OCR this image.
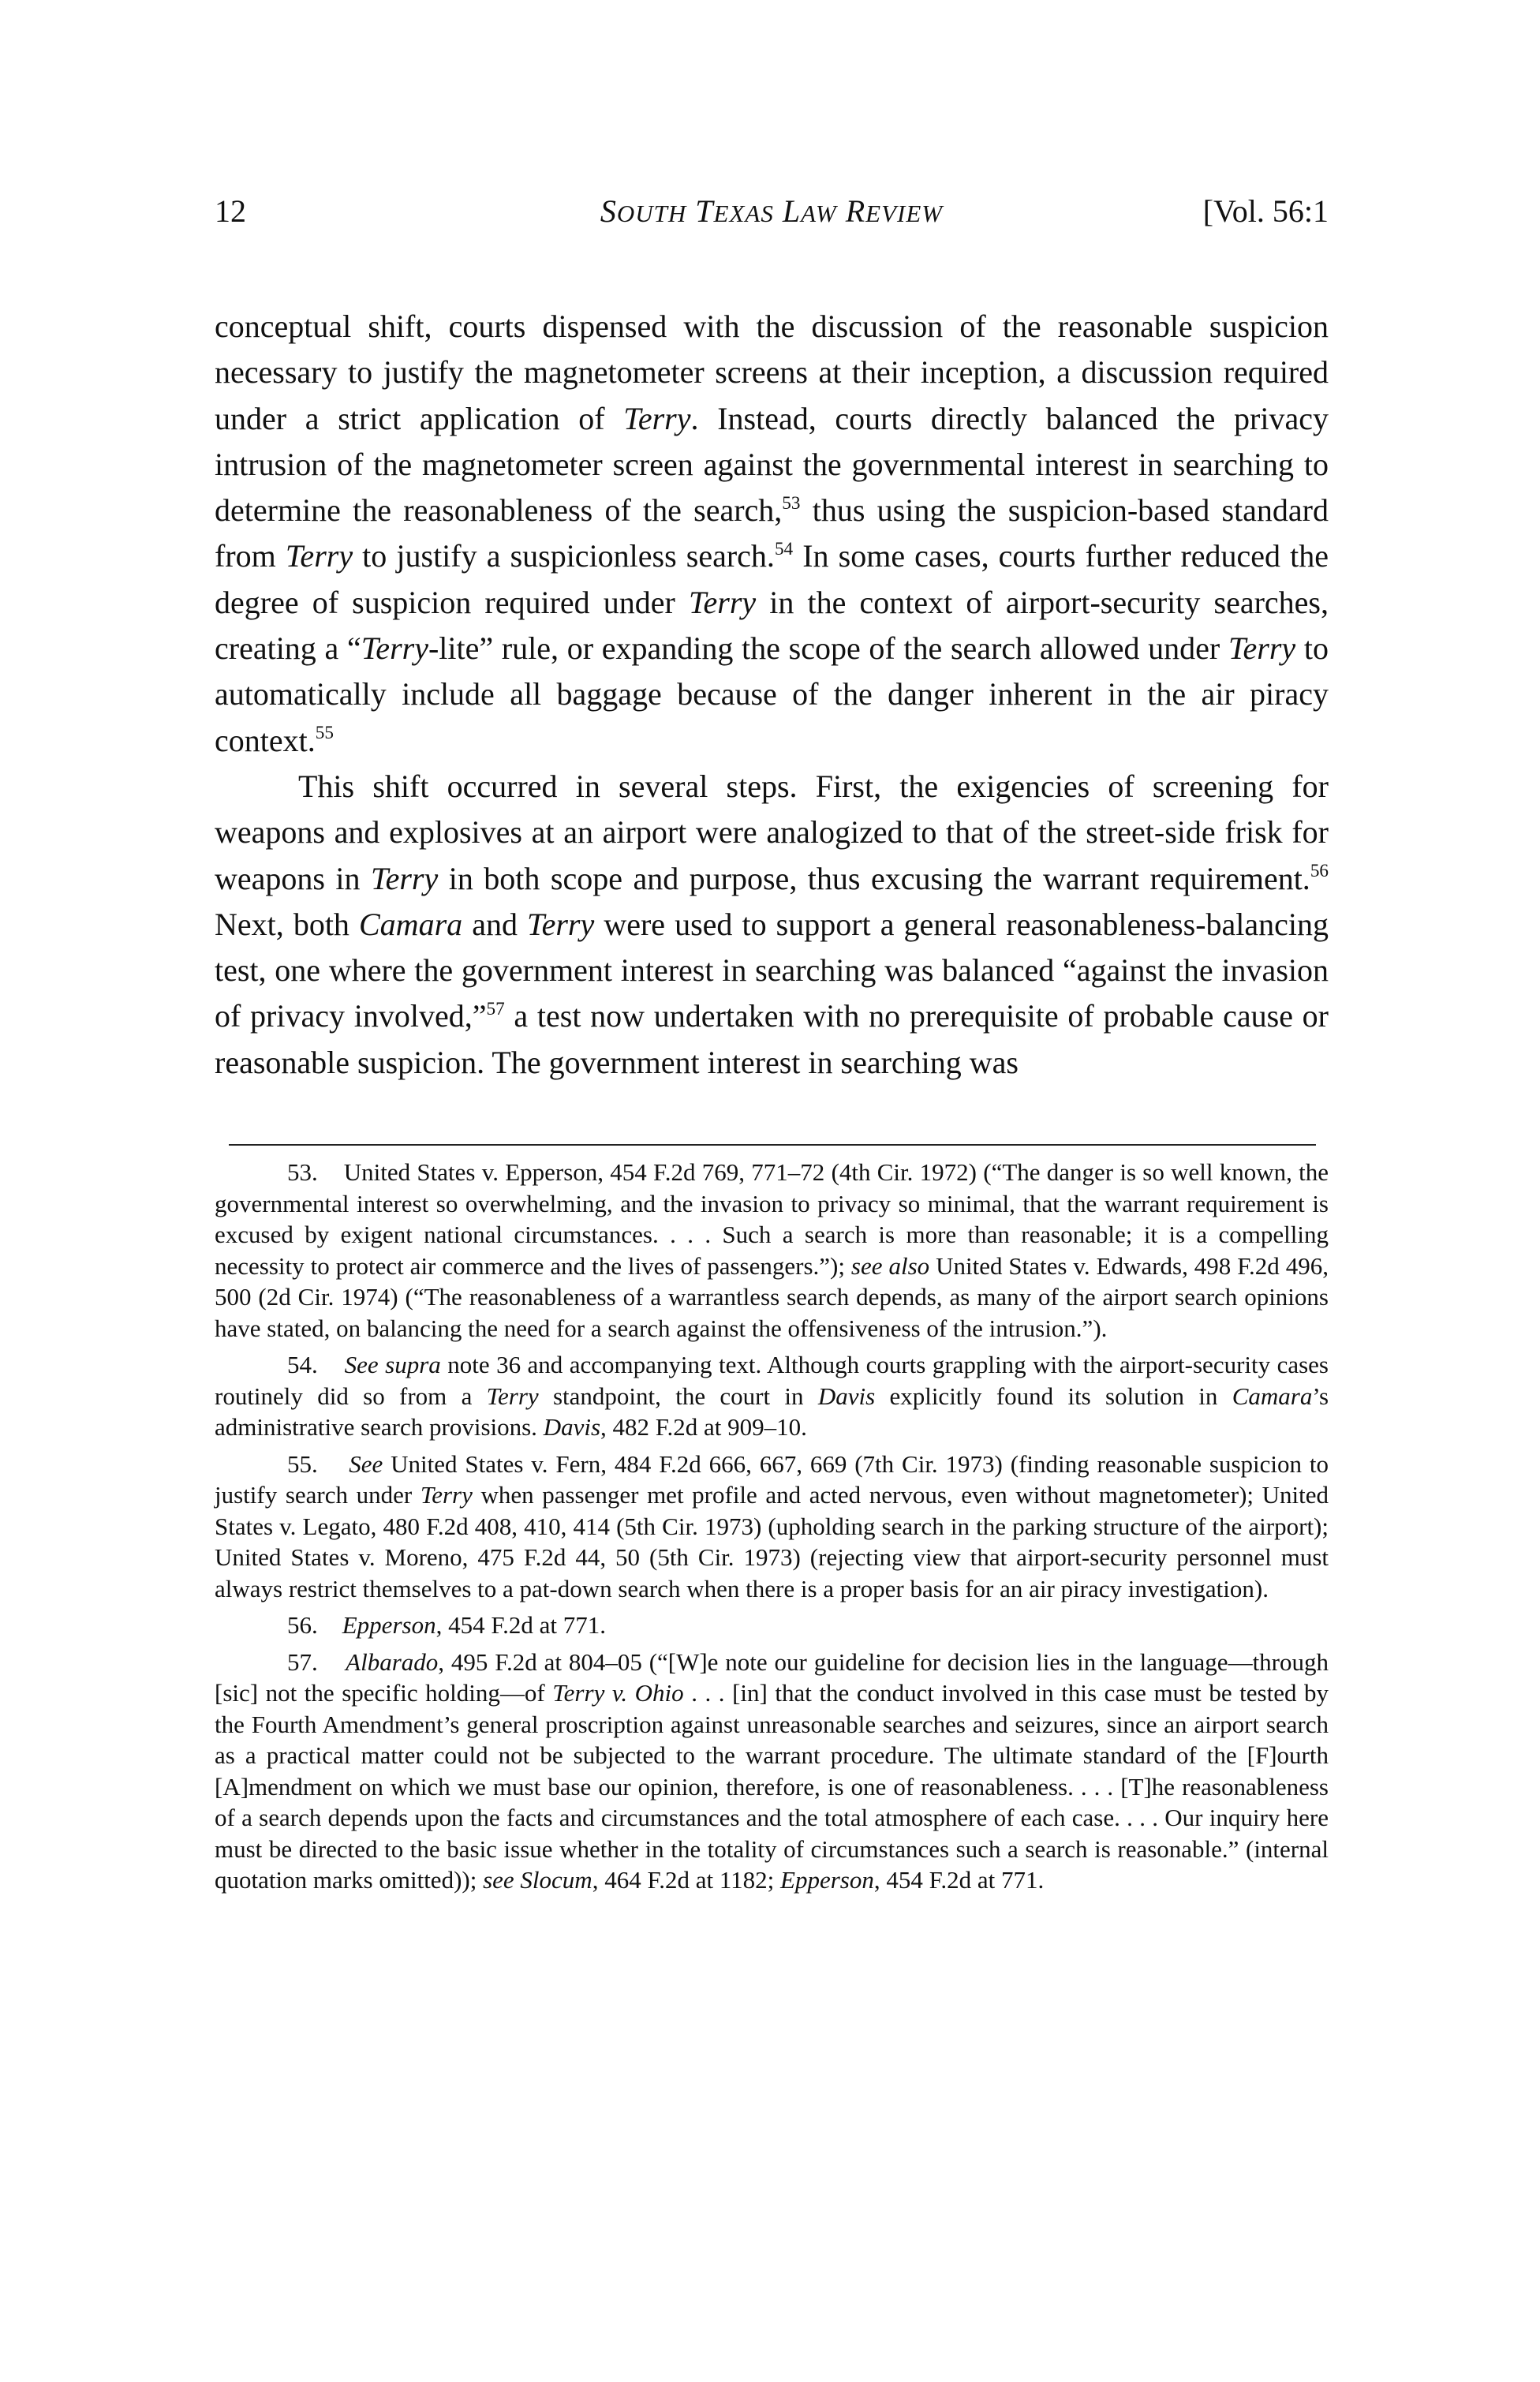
12	SOUTH TEXAS LAW REVIEW	[Vol. 56:1

conceptual shift, courts dispensed with the discussion of the reasonable suspicion necessary to justify the magnetometer screens at their inception, a discussion required under a strict application of Terry. Instead, courts directly balanced the privacy intrusion of the magnetometer screen against the governmental interest in searching to determine the reasonableness of the search,$^{53}$ thus using the suspicion-based standard from Terry to justify a suspicionless search.$^{54}$ In some cases, courts further reduced the degree of suspicion required under Terry in the context of airport-security searches, creating a “Terry-lite” rule, or expanding the scope of the search allowed under Terry to automatically include all baggage because of the danger inherent in the air piracy context.$^{55}$

This shift occurred in several steps. First, the exigencies of screening for weapons and explosives at an airport were analogized to that of the street-side frisk for weapons in Terry in both scope and purpose, thus excusing the warrant requirement.$^{56}$ Next, both Camara and Terry were used to support a general reasonableness-balancing test, one where the government interest in searching was balanced “against the invasion of privacy involved,”$^{57}$ a test now undertaken with no prerequisite of probable cause or reasonable suspicion. The government interest in searching was

53. United States v. Epperson, 454 F.2d 769, 771–72 (4th Cir. 1972) (“The danger is so well known, the governmental interest so overwhelming, and the invasion to privacy so minimal, that the warrant requirement is excused by exigent national circumstances. . . . Such a search is more than reasonable; it is a compelling necessity to protect air commerce and the lives of passengers.”); see also United States v. Edwards, 498 F.2d 496, 500 (2d Cir. 1974) (“The reasonableness of a warrantless search depends, as many of the airport search opinions have stated, on balancing the need for a search against the offensiveness of the intrusion.”).

54. See supra note 36 and accompanying text. Although courts grappling with the airport-security cases routinely did so from a Terry standpoint, the court in Davis explicitly found its solution in Camara’s administrative search provisions. Davis, 482 F.2d at 909–10.

55. See United States v. Fern, 484 F.2d 666, 667, 669 (7th Cir. 1973) (finding reasonable suspicion to justify search under Terry when passenger met profile and acted nervous, even without magnetometer); United States v. Legato, 480 F.2d 408, 410, 414 (5th Cir. 1973) (upholding search in the parking structure of the airport); United States v. Moreno, 475 F.2d 44, 50 (5th Cir. 1973) (rejecting view that airport-security personnel must always restrict themselves to a pat-down search when there is a proper basis for an air piracy investigation).

56. Epperson, 454 F.2d at 771.

57. Albarado, 495 F.2d at 804–05 (“[W]e note our guideline for decision lies in the language—through [sic] not the specific holding—of Terry v. Ohio . . . [in] that the conduct involved in this case must be tested by the Fourth Amendment’s general proscription against unreasonable searches and seizures, since an airport search as a practical matter could not be subjected to the warrant procedure. The ultimate standard of the [F]ourth [A]mendment on which we must base our opinion, therefore, is one of reasonableness. . . . [T]he reasonableness of a search depends upon the facts and circumstances and the total atmosphere of each case. . . . Our inquiry here must be directed to the basic issue whether in the totality of circumstances such a search is reasonable.” (internal quotation marks omitted)); see Slocum, 464 F.2d at 1182; Epperson, 454 F.2d at 771.
